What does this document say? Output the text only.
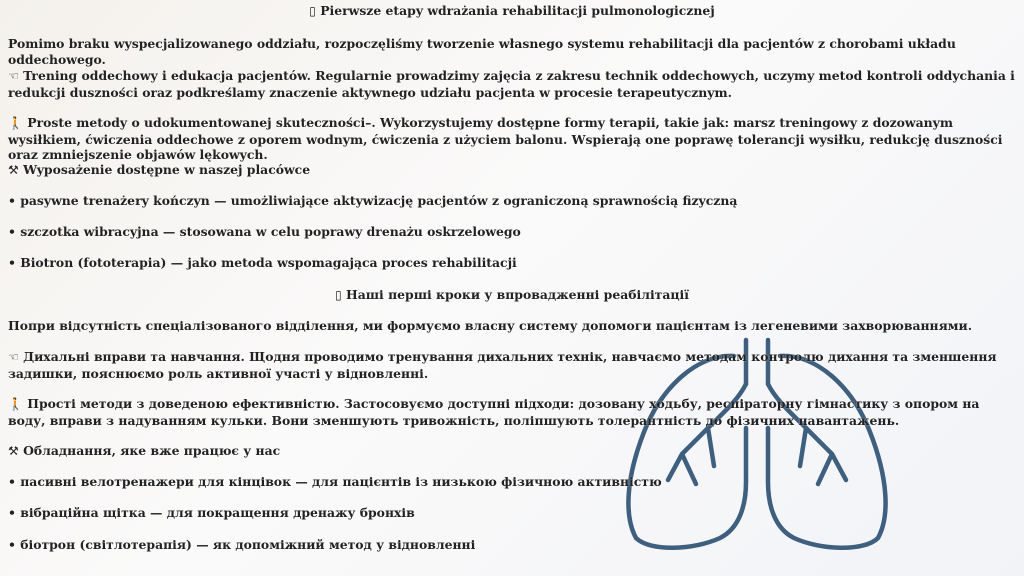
▯ Pierwsze etapy wdrażania rehabilitacji pulmonologicznej
Pomimo braku wyspecjalizowanego oddziału, rozpoczęliśmy tworzenie własnego systemu rehabilitacji dla pacjentów z chorobami układu oddechowego.
☜ Trening oddechowy i edukacja pacjentów. Regularnie prowadzimy zajęcia z zakresu technik oddechowych, uczymy metod kontroli oddychania i redukcji duszności oraz podkreślamy znaczenie aktywnego udziału pacjenta w procesie terapeutycznym.
🚶 Proste metody o udokumentowanej skuteczności–. Wykorzystujemy dostępne formy terapii, takie jak: marsz treningowy z dozowanym wysiłkiem, ćwiczenia oddechowe z oporem wodnym, ćwiczenia z użyciem balonu. Wspierają one poprawę tolerancji wysiłku, redukcję duszności oraz zmniejszenie objawów lękowych.
⚒ Wyposażenie dostępne w naszej placówce
• pasywne trenażery kończyn — umożliwiające aktywizację pacjentów z ograniczoną sprawnością fizyczną
• szczotka wibracyjna — stosowana w celu poprawy drenażu oskrzelowego
• Biotron (fototerapia) — jako metoda wspomagająca proces rehabilitacji
▯ Наші перші кроки у впровадженні реабілітації
Попри відсутність спеціалізованого відділення, ми формуємо власну систему допомоги пацієнтам із легеневими захворюваннями.
☜ Дихальні вправи та навчання. Щодня проводимо тренування дихальних технік, навчаємо методам контролю дихання та зменшення задишки, пояснюємо роль активної участі у відновленні.
🚶 Прості методи з доведеною ефективністю. Застосовуємо доступні підходи: дозовану ходьбу, респіраторну гімнастику з опором на воду, вправи з надуванням кульки. Вони зменшують тривожність, поліпшують толерантність до фізичних навантажень.
⚒ Обладнання, яке вже працює у нас
• пасивні велотренажери для кінцівок — для пацієнтів із низькою фізичною активністю
• вібраційна щітка — для покращення дренажу бронхів
• біотрон (світлотерапія) — як допоміжний метод у відновленні
